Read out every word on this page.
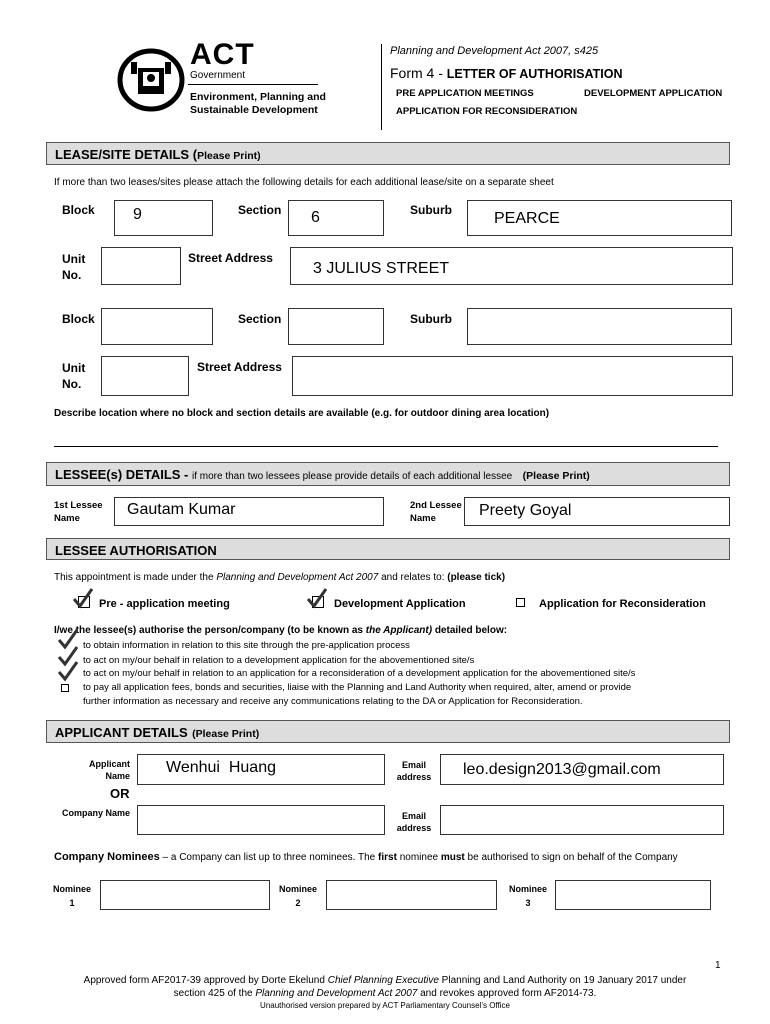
ACT
Government
Environment, Planning and
Sustainable Development
Planning and Development Act 2007, s425
Form 4 - LETTER OF AUTHORISATION
PRE APPLICATION MEETINGS	DEVELOPMENT APPLICATION
APPLICATION FOR RECONSIDERATION
LEASE/SITE DETAILS (Please Print)
If more than two leases/sites please attach the following details for each additional lease/site on a separate sheet
Block 9	Section 6	Suburb	PEARCE
Unit No.
Street Address
3 JULIUS STREET
Block	Section	Suburb
Unit No.
Street Address
Describe location where no block and section details are available (e.g. for outdoor dining area location)
LESSEE(s) DETAILS - if more than two lessees please provide details of each additional lessee (Please Print)
1st Lessee
Name
Gautam Kumar	2nd Lessee
Name	Preety Goyal
LESSEE AUTHORISATION
This appointment is made under the Planning and Development Act 2007 and relates to: (please tick)
Pre - application meeting	Development Application	Application for Reconsideration
I/we the lessee(s) authorise the person/company (to be known as the Applicant) detailed below:
to obtain information in relation to this site through the pre-application process
to act on my/our behalf in relation to a development application for the abovementioned site/s
to act on my/our behalf in relation to an application for a reconsideration of a development application for the abovementioned site/s
to pay all application fees, bonds and securities, liaise with the Planning and Land Authority when required, alter, amend or provide
further information as necessary and receive any communications relating to the DA or Application for Reconsideration.
APPLICANT DETAILS (Please Print)
Applicant
Name Wenhui  Huang	Email
address leo.design2013@gmail.com
OR
Company Name	Email
address
Company Nominees – a Company can list up to three nominees. The first nominee must be authorised to sign on behalf of the Company
Nominee
1
Nominee
2
Nominee
3
1
Approved form AF2017-39 approved by Dorte Ekelund Chief Planning Executive Planning and Land Authority on 19 January 2017 under
section 425 of the Planning and Development Act 2007 and revokes approved form AF2014-73.
Unauthorised version prepared by ACT Parliamentary Counsel’s Office
